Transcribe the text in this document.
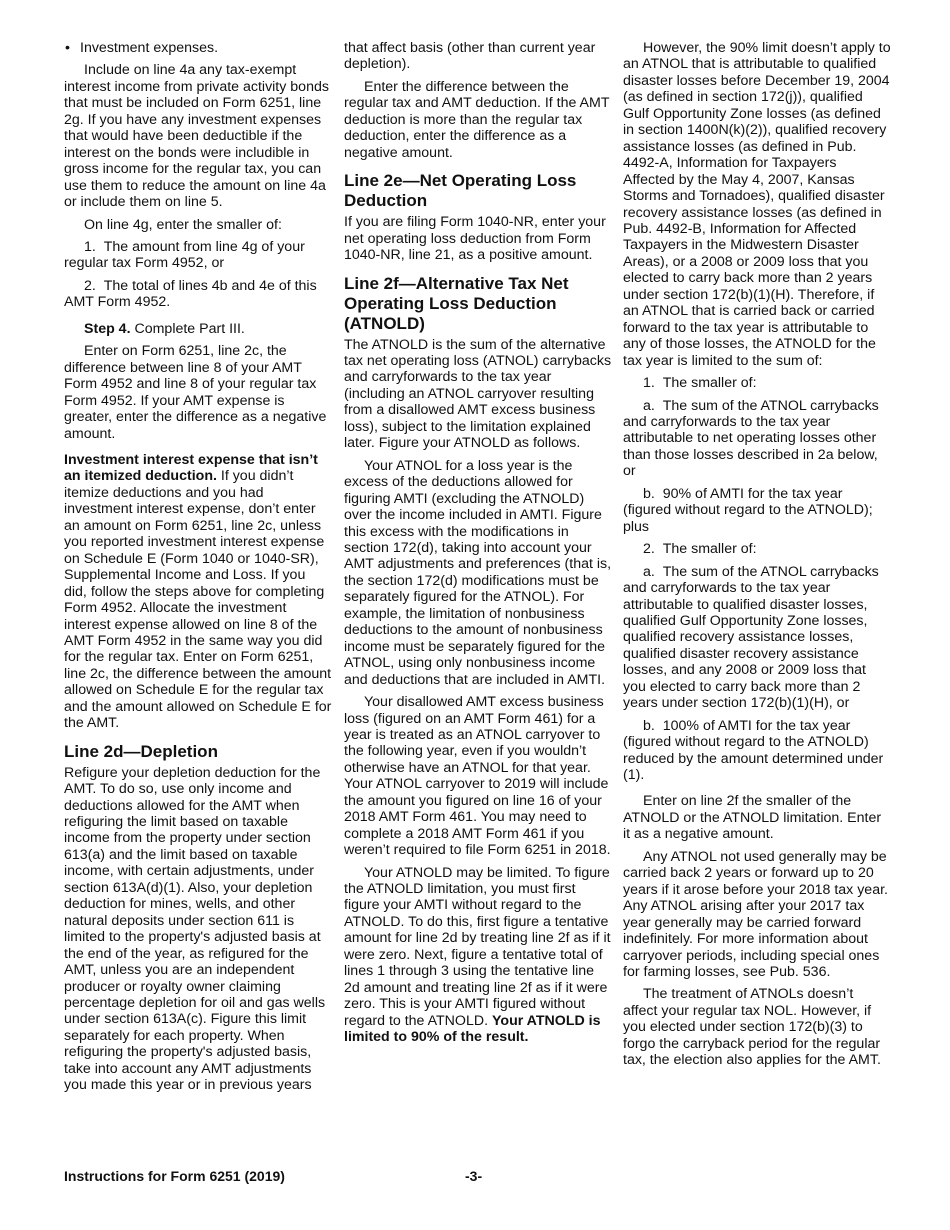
• Investment expenses.

Include on line 4a any tax-exempt interest income from private activity bonds that must be included on Form 6251, line 2g. If you have any investment expenses that would have been deductible if the interest on the bonds were includible in gross income for the regular tax, you can use them to reduce the amount on line 4a or include them on line 5.

On line 4g, enter the smaller of:

1.  The amount from line 4g of your regular tax Form 4952, or

2.  The total of lines 4b and 4e of this AMT Form 4952.

Step 4. Complete Part III.

Enter on Form 6251, line 2c, the difference between line 8 of your AMT Form 4952 and line 8 of your regular tax Form 4952. If your AMT expense is greater, enter the difference as a negative amount.

Investment interest expense that isn’t an itemized deduction. If you didn’t itemize deductions and you had investment interest expense, don’t enter an amount on Form 6251, line 2c, unless you reported investment interest expense on Schedule E (Form 1040 or 1040-SR), Supplemental Income and Loss. If you did, follow the steps above for completing Form 4952. Allocate the investment interest expense allowed on line 8 of the AMT Form 4952 in the same way you did for the regular tax. Enter on Form 6251, line 2c, the difference between the amount allowed on Schedule E for the regular tax and the amount allowed on Schedule E for the AMT.

Line 2d—Depletion

Refigure your depletion deduction for the AMT. To do so, use only income and deductions allowed for the AMT when refiguring the limit based on taxable income from the property under section 613(a) and the limit based on taxable income, with certain adjustments, under section 613A(d)(1). Also, your depletion deduction for mines, wells, and other natural deposits under section 611 is limited to the property's adjusted basis at the end of the year, as refigured for the AMT, unless you are an independent producer or royalty owner claiming percentage depletion for oil and gas wells under section 613A(c). Figure this limit separately for each property. When refiguring the property's adjusted basis, take into account any AMT adjustments you made this year or in previous years

that affect basis (other than current year depletion).

Enter the difference between the regular tax and AMT deduction. If the AMT deduction is more than the regular tax deduction, enter the difference as a negative amount.

Line 2e—Net Operating Loss Deduction

If you are filing Form 1040-NR, enter your net operating loss deduction from Form 1040-NR, line 21, as a positive amount.

Line 2f—Alternative Tax Net Operating Loss Deduction (ATNOLD)

The ATNOLD is the sum of the alternative tax net operating loss (ATNOL) carrybacks and carryforwards to the tax year (including an ATNOL carryover resulting from a disallowed AMT excess business loss), subject to the limitation explained later. Figure your ATNOLD as follows.

Your ATNOL for a loss year is the excess of the deductions allowed for figuring AMTI (excluding the ATNOLD) over the income included in AMTI. Figure this excess with the modifications in section 172(d), taking into account your AMT adjustments and preferences (that is, the section 172(d) modifications must be separately figured for the ATNOL). For example, the limitation of nonbusiness deductions to the amount of nonbusiness income must be separately figured for the ATNOL, using only nonbusiness income and deductions that are included in AMTI.

Your disallowed AMT excess business loss (figured on an AMT Form 461) for a year is treated as an ATNOL carryover to the following year, even if you wouldn’t otherwise have an ATNOL for that year. Your ATNOL carryover to 2019 will include the amount you figured on line 16 of your 2018 AMT Form 461. You may need to complete a 2018 AMT Form 461 if you weren’t required to file Form 6251 in 2018.

Your ATNOLD may be limited. To figure the ATNOLD limitation, you must first figure your AMTI without regard to the ATNOLD. To do this, first figure a tentative amount for line 2d by treating line 2f as if it were zero. Next, figure a tentative total of lines 1 through 3 using the tentative line 2d amount and treating line 2f as if it were zero. This is your AMTI figured without regard to the ATNOLD. Your ATNOLD is limited to 90% of the result.

However, the 90% limit doesn’t apply to an ATNOL that is attributable to qualified disaster losses before December 19, 2004 (as defined in section 172(j)), qualified Gulf Opportunity Zone losses (as defined in section 1400N(k)(2)), qualified recovery assistance losses (as defined in Pub. 4492-A, Information for Taxpayers Affected by the May 4, 2007, Kansas Storms and Tornadoes), qualified disaster recovery assistance losses (as defined in Pub. 4492-B, Information for Affected Taxpayers in the Midwestern Disaster Areas), or a 2008 or 2009 loss that you elected to carry back more than 2 years under section 172(b)(1)(H). Therefore, if an ATNOL that is carried back or carried forward to the tax year is attributable to any of those losses, the ATNOLD for the tax year is limited to the sum of:

1.  The smaller of:

a.  The sum of the ATNOL carrybacks and carryforwards to the tax year attributable to net operating losses other than those losses described in 2a below, or

b.  90% of AMTI for the tax year (figured without regard to the ATNOLD); plus

2.  The smaller of:

a.  The sum of the ATNOL carrybacks and carryforwards to the tax year attributable to qualified disaster losses, qualified Gulf Opportunity Zone losses, qualified recovery assistance losses, qualified disaster recovery assistance losses, and any 2008 or 2009 loss that you elected to carry back more than 2 years under section 172(b)(1)(H), or

b.  100% of AMTI for the tax year (figured without regard to the ATNOLD) reduced by the amount determined under (1).

Enter on line 2f the smaller of the ATNOLD or the ATNOLD limitation. Enter it as a negative amount.

Any ATNOL not used generally may be carried back 2 years or forward up to 20 years if it arose before your 2018 tax year. Any ATNOL arising after your 2017 tax year generally may be carried forward indefinitely. For more information about carryover periods, including special ones for farming losses, see Pub. 536.

The treatment of ATNOLs doesn’t affect your regular tax NOL. However, if you elected under section 172(b)(3) to forgo the carryback period for the regular tax, the election also applies for the AMT.

Instructions for Form 6251 (2019)	-3-
